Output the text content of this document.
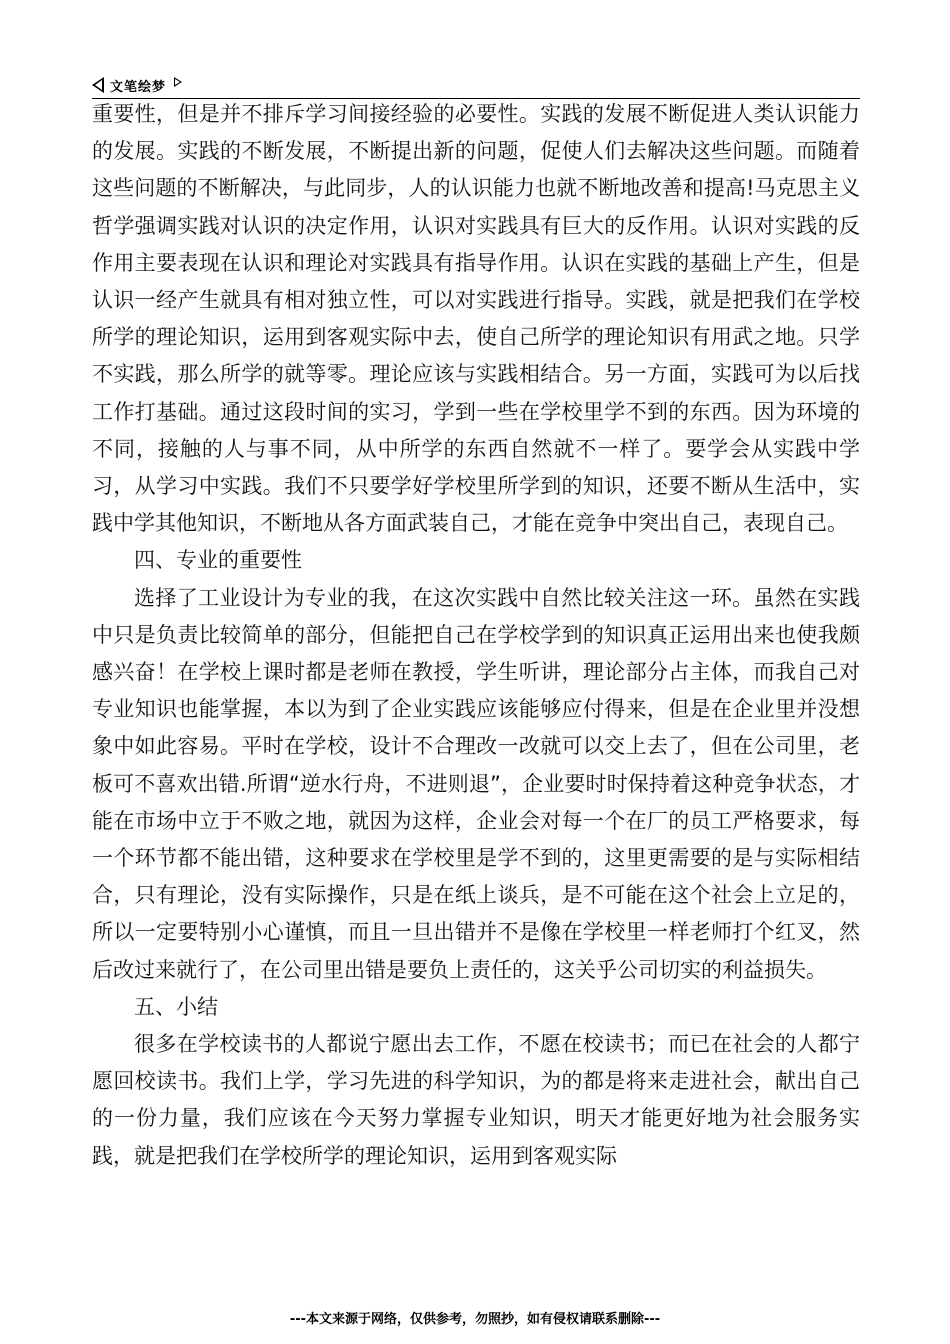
文笔绘梦

重要性，但是并不排斥学习间接经验的必要性。实践的发展不断促进人类认识能力的发展。实践的不断发展，不断提出新的问题，促使人们去解决这些问题。而随着这些问题的不断解决，与此同步，人的认识能力也就不断地改善和提高!马克思主义哲学强调实践对认识的决定作用，认识对实践具有巨大的反作用。认识对实践的反作用主要表现在认识和理论对实践具有指导作用。认识在实践的基础上产生，但是认识一经产生就具有相对独立性，可以对实践进行指导。实践，就是把我们在学校所学的理论知识，运用到客观实际中去，使自己所学的理论知识有用武之地。只学不实践，那么所学的就等零。理论应该与实践相结合。另一方面，实践可为以后找工作打基础。通过这段时间的实习，学到一些在学校里学不到的东西。因为环境的不同，接触的人与事不同，从中所学的东西自然就不一样了。要学会从实践中学习，从学习中实践。我们不只要学好学校里所学到的知识，还要不断从生活中，实践中学其他知识，不断地从各方面武装自己，才能在竞争中突出自己，表现自己。

四、专业的重要性

选择了工业设计为专业的我，在这次实践中自然比较关注这一环。虽然在实践中只是负责比较简单的部分，但能把自己在学校学到的知识真正运用出来也使我颇感兴奋！在学校上课时都是老师在教授，学生听讲，理论部分占主体，而我自己对专业知识也能掌握，本以为到了企业实践应该能够应付得来，但是在企业里并没想象中如此容易。平时在学校，设计不合理改一改就可以交上去了，但在公司里，老板可不喜欢出错.所谓“逆水行舟，不进则退”，企业要时时保持着这种竞争状态，才能在市场中立于不败之地，就因为这样，企业会对每一个在厂的员工严格要求，每一个环节都不能出错，这种要求在学校里是学不到的，这里更需要的是与实际相结合，只有理论，没有实际操作，只是在纸上谈兵，是不可能在这个社会上立足的，所以一定要特别小心谨慎，而且一旦出错并不是像在学校里一样老师打个红叉，然后改过来就行了，在公司里出错是要负上责任的，这关乎公司切实的利益损失。

五、小结

很多在学校读书的人都说宁愿出去工作，不愿在校读书；而已在社会的人都宁愿回校读书。我们上学，学习先进的科学知识，为的都是将来走进社会，献出自己的一份力量，我们应该在今天努力掌握专业知识，明天才能更好地为社会服务实践，就是把我们在学校所学的理论知识，运用到客观实际

---本文来源于网络，仅供参考，勿照抄，如有侵权请联系删除---
